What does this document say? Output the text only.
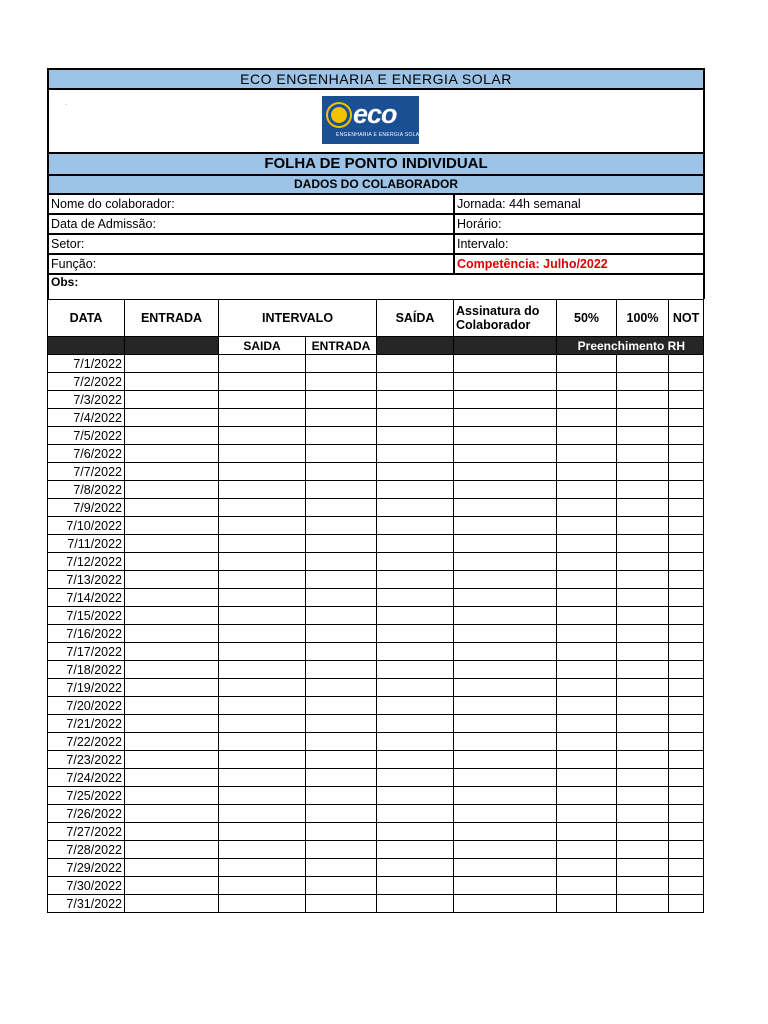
ECO ENGENHARIA E ENERGIA SOLAR	

. eco
ENGENHARIA E ENERGIA SOLAR	

FOLHA DE PONTO INDIVIDUAL	
DADOS DO COLABORADOR	
Nome do colaborador:	Jornada: 44h semanal
Data de Admissão:	Horário:
Setor:	Intervalo:
Função:	Competência: Julho/2022
Obs:	
DATA	ENTRADA	INTERVALO		SAÍDA	Assinatura do Colaborador	50%	100%	NOT
		SAIDA	ENTRADA			Preenchimento RH		
7/1/2022								
7/2/2022								
7/3/2022								
7/4/2022								
7/5/2022								
7/6/2022								
7/7/2022								
7/8/2022								
7/9/2022								
7/10/2022								
7/11/2022								
7/12/2022								
7/13/2022								
7/14/2022								
7/15/2022								
7/16/2022								
7/17/2022								
7/18/2022								
7/19/2022								
7/20/2022								
7/21/2022								
7/22/2022								
7/23/2022								
7/24/2022								
7/25/2022								
7/26/2022								
7/27/2022								
7/28/2022								
7/29/2022								
7/30/2022								
7/31/2022								
